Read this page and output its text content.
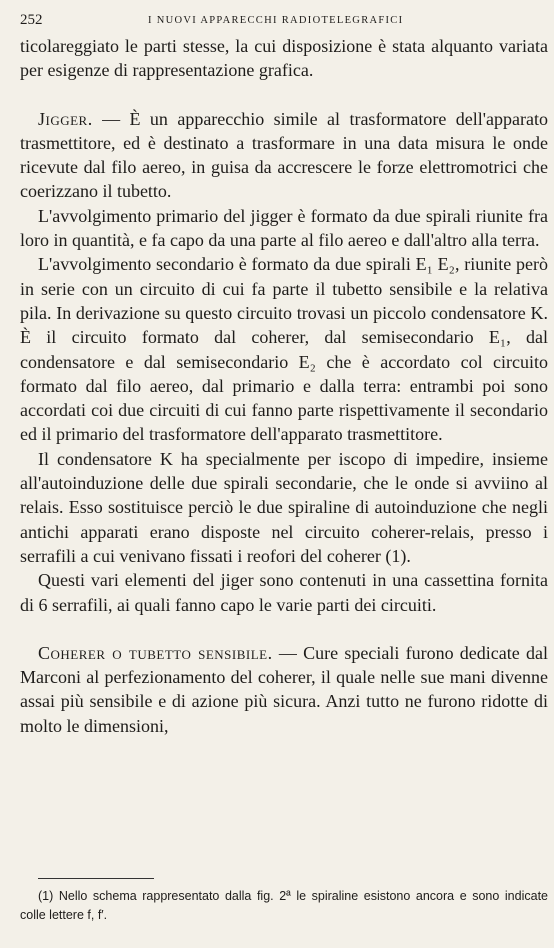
252	I NUOVI APPARECCHI RADIOTELEGRAFICI

ticolareggiato le parti stesse, la cui disposizione è stata alquanto variata per esigenze di rappresentazione grafica.

Jigger. — È un apparecchio simile al trasformatore dell'apparato trasmettitore, ed è destinato a trasformare in una data misura le onde ricevute dal filo aereo, in guisa da accrescere le forze elettromotrici che coerizzano il tubetto.

L'avvolgimento primario del jigger è formato da due spirali riunite fra loro in quantità, e fa capo da una parte al filo aereo e dall'altro alla terra.

L'avvolgimento secondario è formato da due spirali E₁ E₂, riunite però in serie con un circuito di cui fa parte il tubetto sensibile e la relativa pila. In derivazione su questo circuito trovasi un piccolo condensatore K. È il circuito formato dal coherer, dal semisecondario E₁, dal condensatore e dal semisecondario E₂ che è accordato col circuito formato dal filo aereo, dal primario e dalla terra: entrambi poi sono accordati coi due circuiti di cui fanno parte rispettivamente il secondario ed il primario del trasformatore dell'apparato trasmettitore.

Il condensatore K ha specialmente per iscopo di impedire, insieme all'autoinduzione delle due spirali secondarie, che le onde si avviino al relais. Esso sostituisce perciò le due spiraline di autoinduzione che negli antichi apparati erano disposte nel circuito coherer-relais, presso i serrafili a cui venivano fissati i reofori del coherer (1).

Questi vari elementi del jiger sono contenuti in una cassettina fornita di 6 serrafili, ai quali fanno capo le varie parti dei circuiti.

Coherer o tubetto sensibile. — Cure speciali furono dedicate dal Marconi al perfezionamento del coherer, il quale nelle sue mani divenne assai più sensibile e di azione più sicura. Anzi tutto ne furono ridotte di molto le dimensioni,

(1) Nello schema rappresentato dalla fig. 2ª le spiraline esistono ancora e sono indicate colle lettere f, f′.
